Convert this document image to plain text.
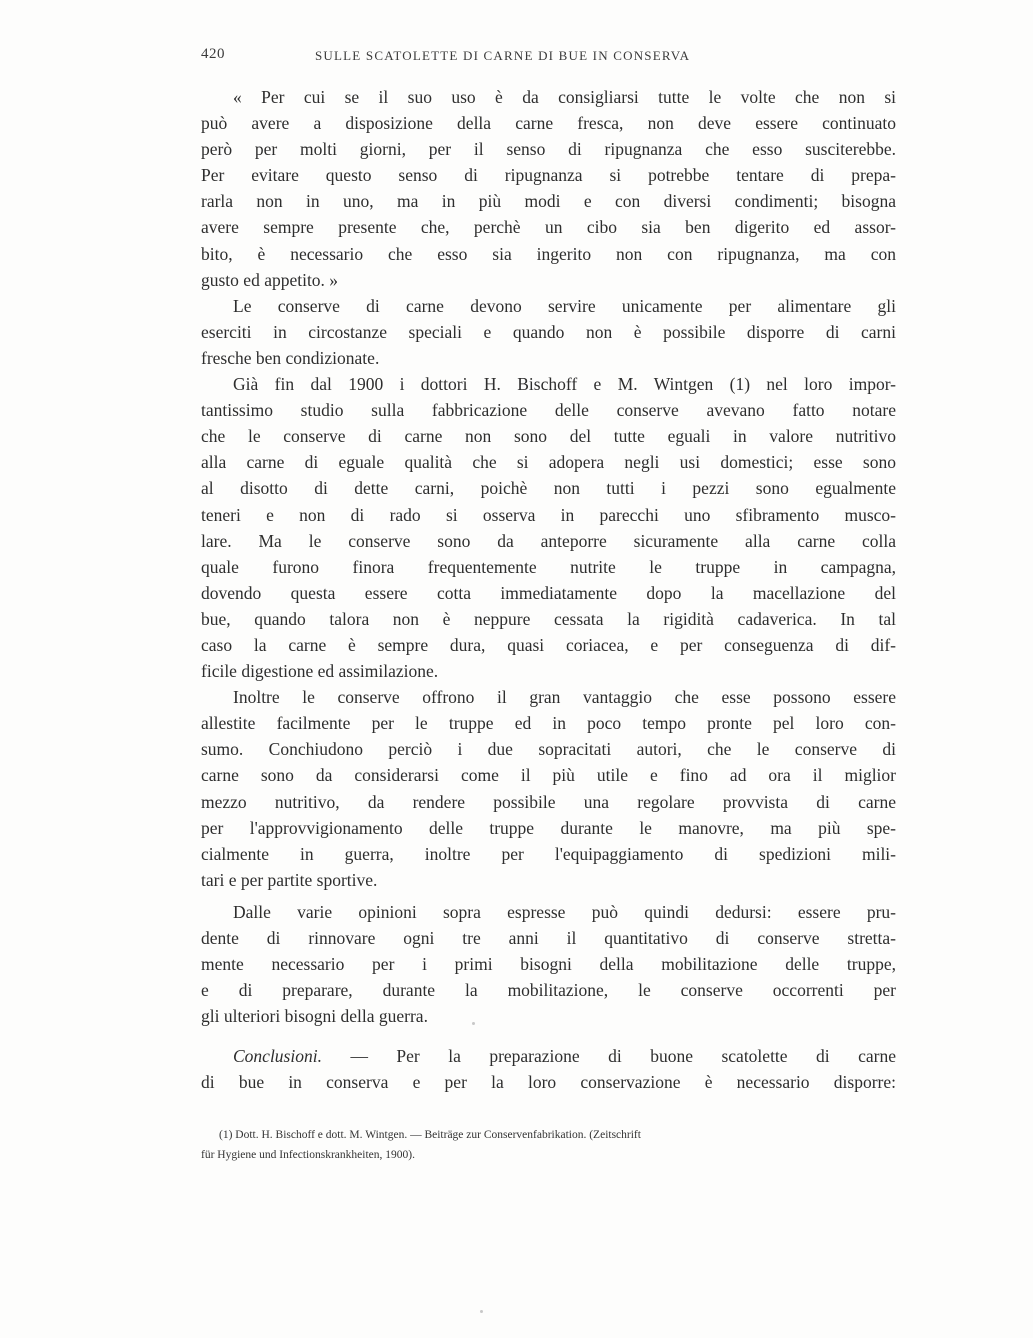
420	SULLE SCATOLETTE DI CARNE DI BUE IN CONSERVA
« Per cui se il suo uso è da consigliarsi tutte le volte che non si
può avere a disposizione della carne fresca, non deve essere continuato
però per molti giorni, per il senso di ripugnanza che esso susciterebbe.
Per evitare questo senso di ripugnanza si potrebbe tentare di prepa-
rarla non in uno, ma in più modi e con diversi condimenti; bisogna
avere sempre presente che, perchè un cibo sia ben digerito ed assor-
bito, è necessario che esso sia ingerito non con ripugnanza, ma con
gusto ed appetito. »
Le conserve di carne devono servire unicamente per alimentare gli
eserciti in circostanze speciali e quando non è possibile disporre di carni
fresche ben condizionate.
Già fin dal 1900 i dottori H. Bischoff e M. Wintgen (1) nel loro impor-
tantissimo studio sulla fabbricazione delle conserve avevano fatto notare
che le conserve di carne non sono del tutte eguali in valore nutritivo
alla carne di eguale qualità che si adopera negli usi domestici; esse sono
al disotto di dette carni, poichè non tutti i pezzi sono egualmente
teneri e non di rado si osserva in parecchi uno sfibramento musco-
lare. Ma le conserve sono da anteporre sicuramente alla carne colla
quale furono finora frequentemente nutrite le truppe in campagna,
dovendo questa essere cotta immediatamente dopo la macellazione del
bue, quando talora non è neppure cessata la rigidità cadaverica. In tal
caso la carne è sempre dura, quasi coriacea, e per conseguenza di dif-
ficile digestione ed assimilazione.
Inoltre le conserve offrono il gran vantaggio che esse possono essere
allestite facilmente per le truppe ed in poco tempo pronte pel loro con-
sumo. Conchiudono perciò i due sopracitati autori, che le conserve di
carne sono da considerarsi come il più utile e fino ad ora il miglior
mezzo nutritivo, da rendere possibile una regolare provvista di carne
per l'approvvigionamento delle truppe durante le manovre, ma più spe-
cialmente in guerra, inoltre per l'equipaggiamento di spedizioni mili-
tari e per partite sportive.
Dalle varie opinioni sopra espresse può quindi dedursi: essere pru-
dente di rinnovare ogni tre anni il quantitativo di conserve stretta-
mente necessario per i primi bisogni della mobilitazione delle truppe,
e di preparare, durante la mobilitazione, le conserve occorrenti per
gli ulteriori bisogni della guerra.
Conclusioni. — Per la preparazione di buone scatolette di carne
di bue in conserva e per la loro conservazione è necessario disporre:
(1) Dott. H. Bischoff e dott. M. Wintgen. — Beiträge zur Conservenfabrikation. (Zeitschrift
für Hygiene und Infectionskrankheiten, 1900).
